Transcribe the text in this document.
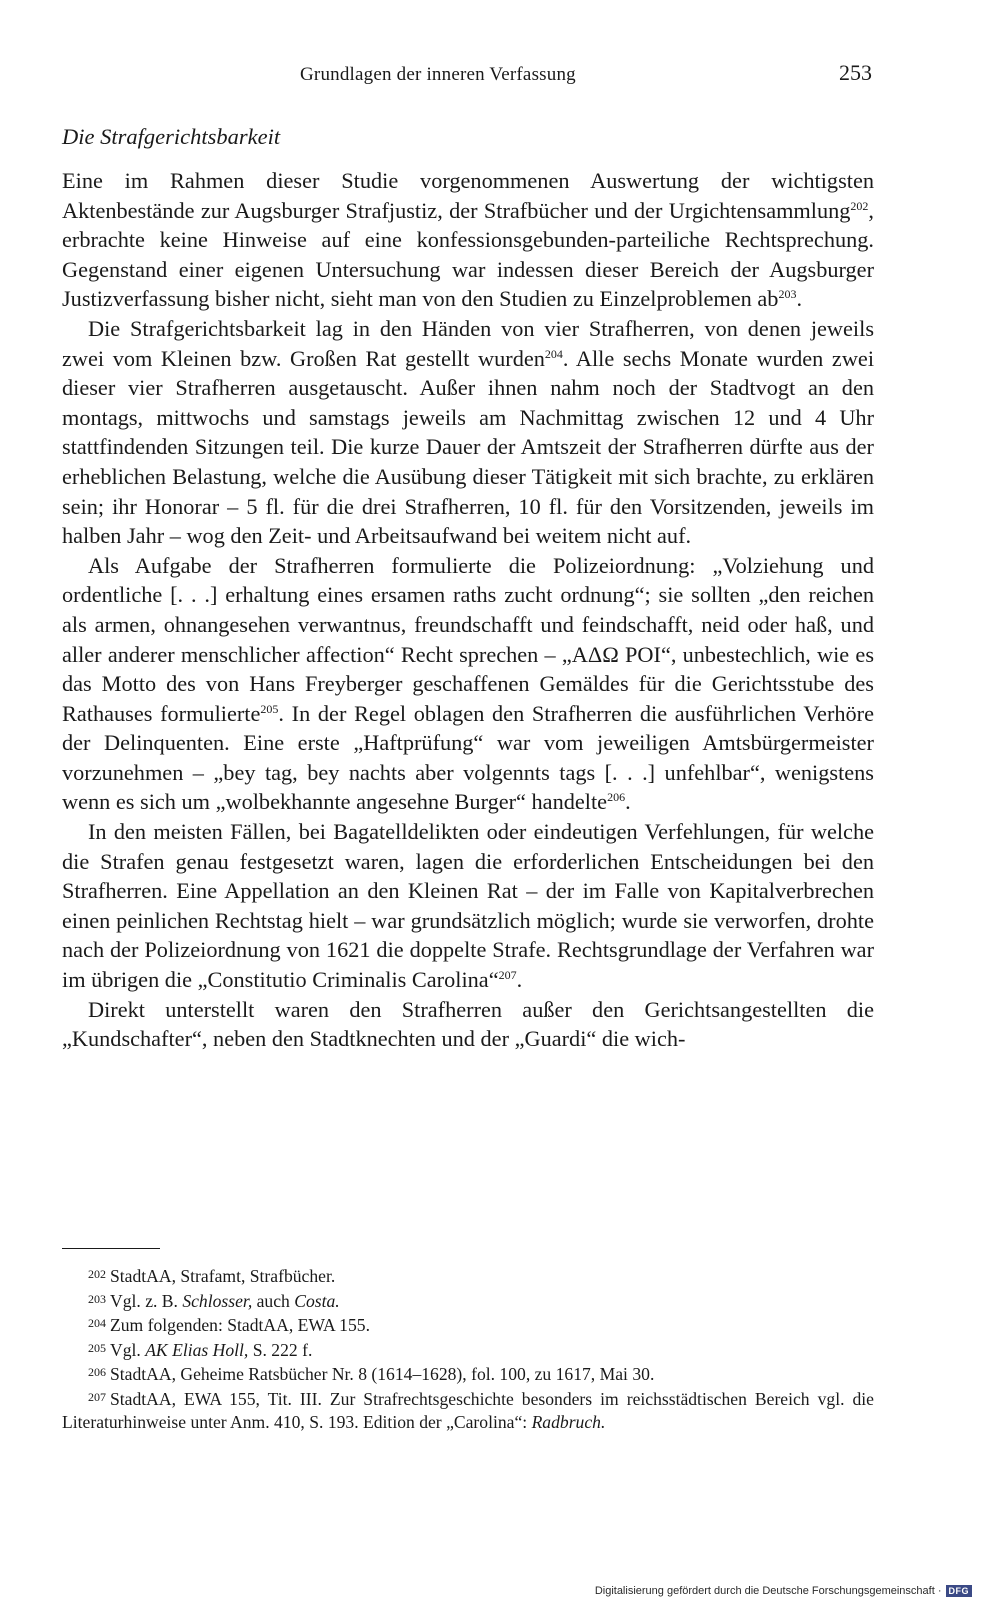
Grundlagen der inneren Verfassung	253
Die Strafgerichtsbarkeit

Eine im Rahmen dieser Studie vorgenommenen Auswertung der wichtigsten Aktenbestände zur Augsburger Strafjustiz, der Strafbücher und der Urgichtensammlung$^{202}$, erbrachte keine Hinweise auf eine konfessionsgebunden-parteiliche Rechtsprechung. Gegenstand einer eigenen Untersuchung war indessen dieser Bereich der Augsburger Justizverfassung bisher nicht, sieht man von den Studien zu Einzelproblemen $ab^{203}$.

Die Strafgerichtsbarkeit lag in den Händen von vier Strafherren, von denen jeweils zwei vom Kleinen bzw. Großen Rat gestellt wurden$^{204}$. Alle sechs Monate wurden zwei dieser vier Strafherren ausgetauscht. Außer ihnen nahm noch der Stadtvogt an den montags, mittwochs und samstags jeweils am Nachmittag zwischen 12 und 4 Uhr stattfindenden Sitzungen teil. Die kurze Dauer der Amtszeit der Strafherren dürfte aus der erheblichen Belastung, welche die Ausübung dieser Tätigkeit mit sich brachte, zu erklären sein; ihr Honorar – 5 fl. für die drei Strafherren, 10 fl. für den Vorsitzenden, jeweils im halben Jahr – wog den Zeit- und Arbeitsaufwand bei weitem nicht auf.

Als Aufgabe der Strafherren formulierte die Polizeiordnung: „Volziehung und ordentliche [. . .] erhaltung eines ersamen raths zucht ordnung“; sie sollten „den reichen als armen, ohnangesehen verwantnus, freundschafft und feindschafft, neid oder haß, und aller anderer menschlicher affection“ Recht sprechen – „AΔΩ POI“, unbestechlich, wie es das Motto des von Hans Freyberger geschaffenen Gemäldes für die Gerichtsstube des Rathauses formulierte$^{205}$. In der Regel oblagen den Strafherren die ausführlichen Verhöre der Delinquenten. Eine erste „Haftprüfung“ war vom jeweiligen Amtsbürgermeister vorzunehmen – „bey tag, bey nachts aber volgennts tags [. . .] unfehlbar“, wenigstens wenn es sich um „wolbekhannte angesehne Burger“ handelte$^{206}$.

In den meisten Fällen, bei Bagatelldelikten oder eindeutigen Verfehlungen, für welche die Strafen genau festgesetzt waren, lagen die erforderlichen Entscheidungen bei den Strafherren. Eine Appellation an den Kleinen Rat – der im Falle von Kapitalverbrechen einen peinlichen Rechtstag hielt – war grundsätzlich möglich; wurde sie verworfen, drohte nach der Polizeiordnung von 1621 die doppelte Strafe. Rechtsgrundlage der Verfahren war im übrigen die „Constitutio Criminalis Carolina“$^{207}$.

Direkt unterstellt waren den Strafherren außer den Gerichtsangestellten die „Kundschafter“, neben den Stadtknechten und der „Guardi“ die wich-

$^{202}$ StadtAA, Strafamt, Strafbücher.

$^{203}$ Vgl. z. B. Schlosser, auch Costa.

$^{204}$ Zum folgenden: StadtAA, EWA 155.

$^{205}$ Vgl. AK Elias Holl, S. 222 f.

$^{206}$ StadtAA, Geheime Ratsbücher Nr. 8 (1614–1628), fol. 100, zu 1617, Mai 30.

$^{207}$ StadtAA, EWA 155, Tit. III. Zur Strafrechtsgeschichte besonders im reichsstädtischen Bereich vgl. die Literaturhinweise unter Anm. 410, S. 193. Edition der „Carolina“: Radbruch.

Digitalisierung gefördert durch die Deutsche Forschungsgemeinschaft · DFG
